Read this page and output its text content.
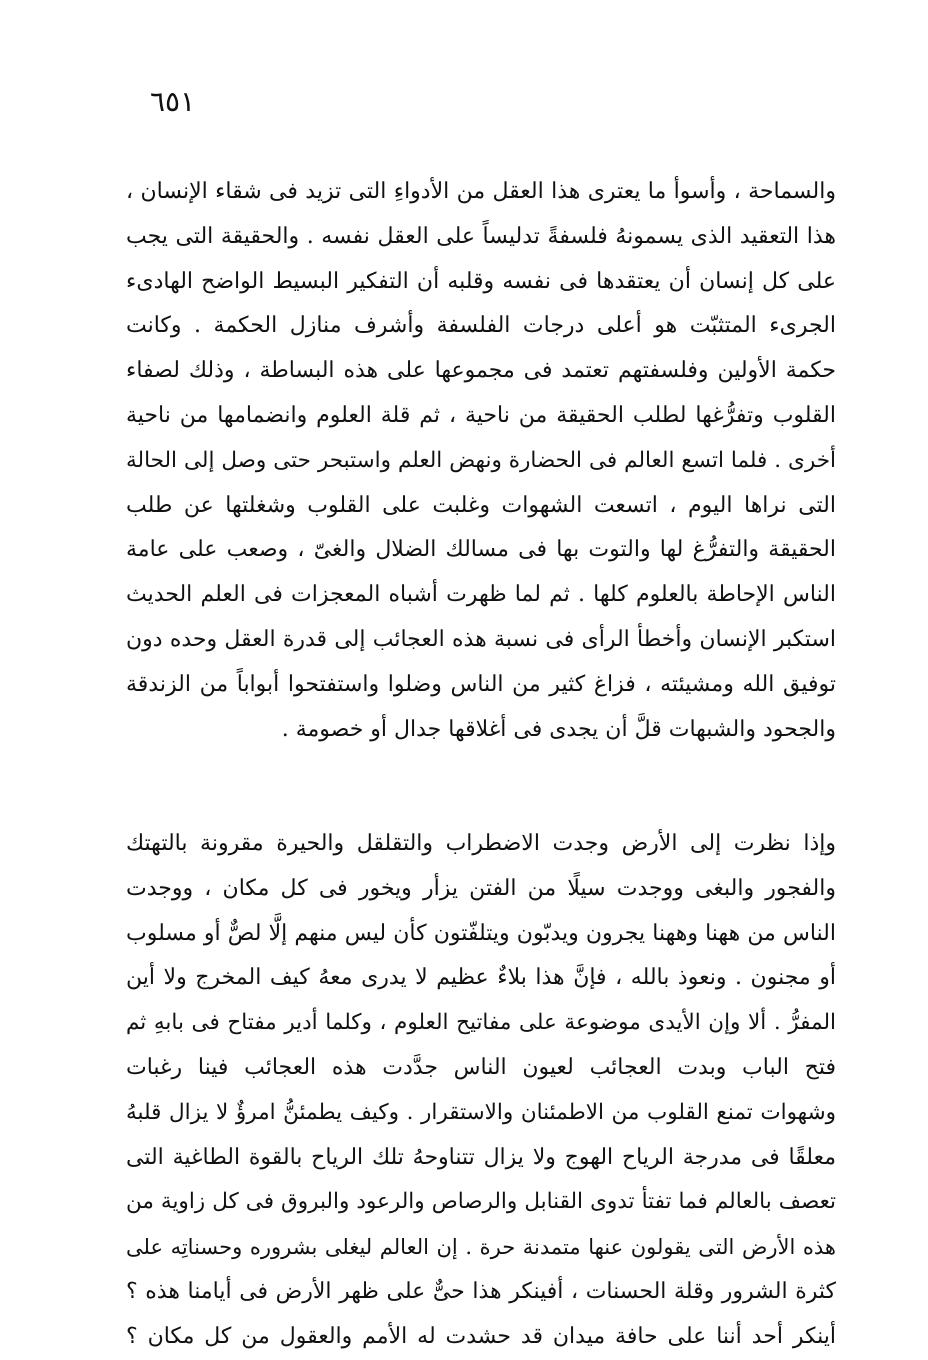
٦٥١
والسماحة ، وأسوأ ما يعترى هذا العقل من الأدواءِ التى تزيد فى شقاء الإنسان ،
هذا التعقيد الذى يسمونهُ فلسفةً تدليساً على العقل نفسه . والحقيقة التى يجب
على كل إنسان أن يعتقدها فى نفسه وقلبه أن التفكير البسيط الواضح الهادىء
الجرىء المتثبّت هو أعلى درجات الفلسفة وأشرف منازل الحكمة . وكانت
حكمة الأولين وفلسفتهم تعتمد فى مجموعها على هذه البساطة ، وذلك لصفاء
القلوب وتفرُّغها لطلب الحقيقة من ناحية ، ثم قلة العلوم وانضمامها من ناحية
أخرى . فلما اتسع العالم فى الحضارة ونهض العلم واستبحر حتى وصل إلى الحالة
التى نراها اليوم ، اتسعت الشهوات وغلبت على القلوب وشغلتها عن طلب
الحقيقة والتفرُّغ لها والتوت بها فى مسالك الضلال والغىّ ، وصعب على عامة
الناس الإحاطة بالعلوم كلها . ثم لما ظهرت أشباه المعجزات فى العلم الحديث
استكبر الإنسان وأخطأ الرأى فى نسبة هذه العجائب إلى قدرة العقل وحده دون
توفيق الله ومشيئته ، فزاغ كثير من الناس وضلوا واستفتحوا أبواباً من الزندقة
والجحود والشبهات قلَّ أن يجدى فى أغلاقها جدال أو خصومة .
وإذا نظرت إلى الأرض وجدت الاضطراب والتقلقل والحيرة مقرونة بالتهتك
والفجور والبغى ووجدت سيلًا من الفتن يزأر ويخور فى كل مكان ، ووجدت
الناس من ههنا وههنا يجرون ويدبّون ويتلفّتون كأن ليس منهم إلَّا لصٌّ أو مسلوب
أو مجنون . ونعوذ بالله ، فإنَّ هذا بلاءٌ عظيم لا يدرى معهُ كيف المخرج ولا أين
المفرُّ . ألا وإن الأيدى موضوعة على مفاتيح العلوم ، وكلما أدير مفتاح فى بابهِ ثم
فتح الباب وبدت العجائب لعيون الناس جدَّدت هذه العجائب فينا رغبات
وشهوات تمنع القلوب من الاطمئنان والاستقرار . وكيف يطمئنُّ امرؤٌ لا يزال قلبهُ
معلقًا فى مدرجة الرياح الهوج ولا يزال تتناوحهُ تلك الرياح بالقوة الطاغية التى
تعصف بالعالم فما تفتأ تدوى القنابل والرصاص والرعود والبروق فى كل زاوية من
هذه الأرض التى يقولون عنها متمدنة حرة . إن العالم ليغلى بشروره وحسناتِه على
كثرة الشرور وقلة الحسنات ، أفينكر هذا حىٌّ على ظهر الأرض فى أيامنا هذه ؟
أينكر أحد أننا على حافة ميدان قد حشدت له الأمم والعقول من كل مكان ؟
